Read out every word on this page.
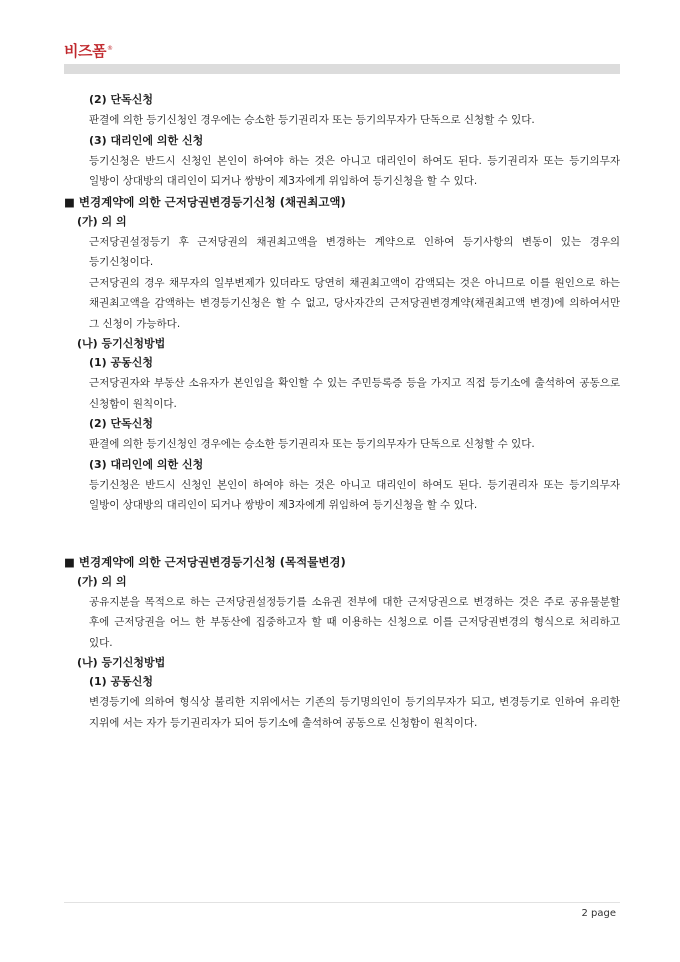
비즈폼®
(2) 단독신청
판결에 의한 등기신청인 경우에는 승소한 등기권리자 또는 등기의무자가 단독으로 신청할 수 있다.
(3) 대리인에 의한 신청
등기신청은 반드시 신청인 본인이 하여야 하는 것은 아니고 대리인이 하여도 된다. 등기권리자 또는 등기의무자 일방이 상대방의 대리인이 되거나 쌍방이 제3자에게 위임하여 등기신청을 할 수 있다.
■ 변경계약에 의한 근저당권변경등기신청 (채권최고액)
(가) 의 의
근저당권설정등기 후 근저당권의 채권최고액을 변경하는 계약으로 인하여 등기사항의 변동이 있는 경우의 등기신청이다.
근저당권의 경우 채무자의 일부변제가 있더라도 당연히 채권최고액이 감액되는 것은 아니므로 이를 원인으로 하는 채권최고액을 감액하는 변경등기신청은 할 수 없고, 당사자간의 근저당권변경계약(채권최고액 변경)에 의하여서만 그 신청이 가능하다.
(나) 등기신청방법
(1) 공동신청
근저당권자와 부동산 소유자가 본인임을 확인할 수 있는 주민등록증 등을 가지고 직접 등기소에 출석하여 공동으로 신청함이 원칙이다.
(2) 단독신청
판결에 의한 등기신청인 경우에는 승소한 등기권리자 또는 등기의무자가 단독으로 신청할 수 있다.
(3) 대리인에 의한 신청
등기신청은 반드시 신청인 본인이 하여야 하는 것은 아니고 대리인이 하여도 된다. 등기권리자 또는 등기의무자 일방이 상대방의 대리인이 되거나 쌍방이 제3자에게 위임하여 등기신청을 할 수 있다.
■ 변경계약에 의한 근저당권변경등기신청 (목적물변경)
(가) 의 의
공유지분을 목적으로 하는 근저당권설정등기를 소유권 전부에 대한 근저당권으로 변경하는 것은 주로 공유물분할 후에 근저당권을 어느 한 부동산에 집중하고자 할 때 이용하는 신청으로 이를 근저당권변경의 형식으로 처리하고 있다.
(나) 등기신청방법
(1) 공동신청
변경등기에 의하여 형식상 불리한 지위에서는 기존의 등기명의인이 등기의무자가 되고, 변경등기로 인하여 유리한 지위에 서는 자가 등기권리자가 되어 등기소에 출석하여 공동으로 신청함이 원칙이다.
2 page
